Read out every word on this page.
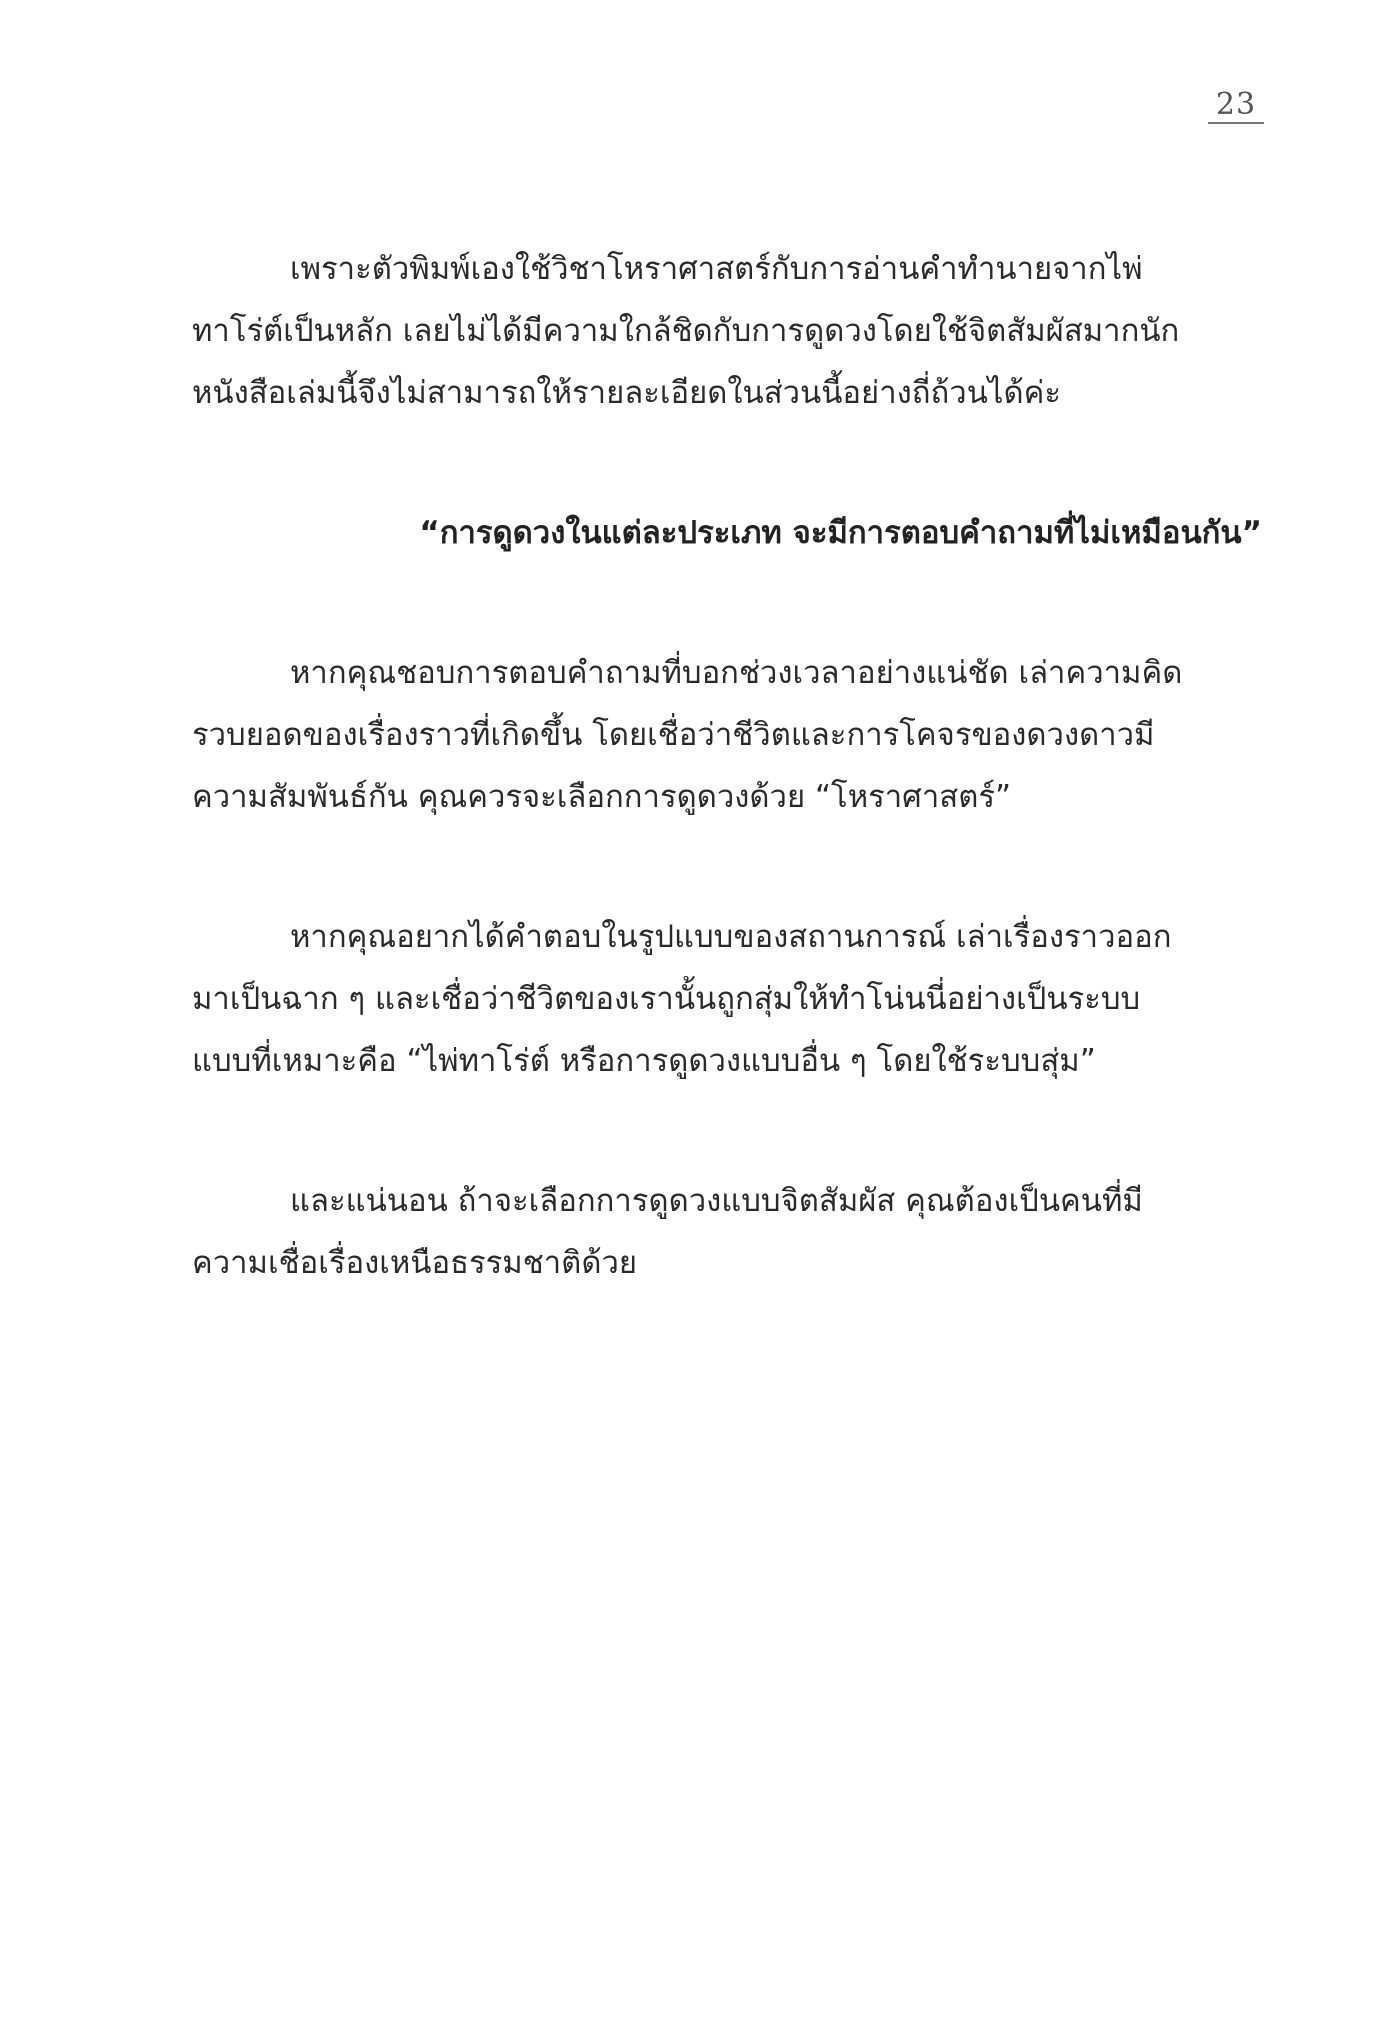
23

เพราะตัวพิมพ์เองใช้วิชาโหราศาสตร์กับการอ่านคำทำนายจากไพ่
ทาโร่ต์เป็นหลัก เลยไม่ได้มีความใกล้ชิดกับการดูดวงโดยใช้จิตสัมผัสมากนัก
หนังสือเล่มนี้จึงไม่สามารถให้รายละเอียดในส่วนนี้อย่างถี่ถ้วนได้ค่ะ

“การดูดวงในแต่ละประเภท จะมีการตอบคำถามที่ไม่เหมือนกัน”

หากคุณชอบการตอบคำถามที่บอกช่วงเวลาอย่างแน่ชัด เล่าความคิด
รวบยอดของเรื่องราวที่เกิดขึ้น โดยเชื่อว่าชีวิตและการโคจรของดวงดาวมี
ความสัมพันธ์กัน คุณควรจะเลือกการดูดวงด้วย “โหราศาสตร์”

หากคุณอยากได้คำตอบในรูปแบบของสถานการณ์ เล่าเรื่องราวออก
มาเป็นฉาก ๆ และเชื่อว่าชีวิตของเรานั้นถูกสุ่มให้ทำโน่นนี่อย่างเป็นระบบ
แบบที่เหมาะคือ “ไพ่ทาโร่ต์ หรือการดูดวงแบบอื่น ๆ โดยใช้ระบบสุ่ม”

และแน่นอน ถ้าจะเลือกการดูดวงแบบจิตสัมผัส คุณต้องเป็นคนที่มี
ความเชื่อเรื่องเหนือธรรมชาติด้วย
